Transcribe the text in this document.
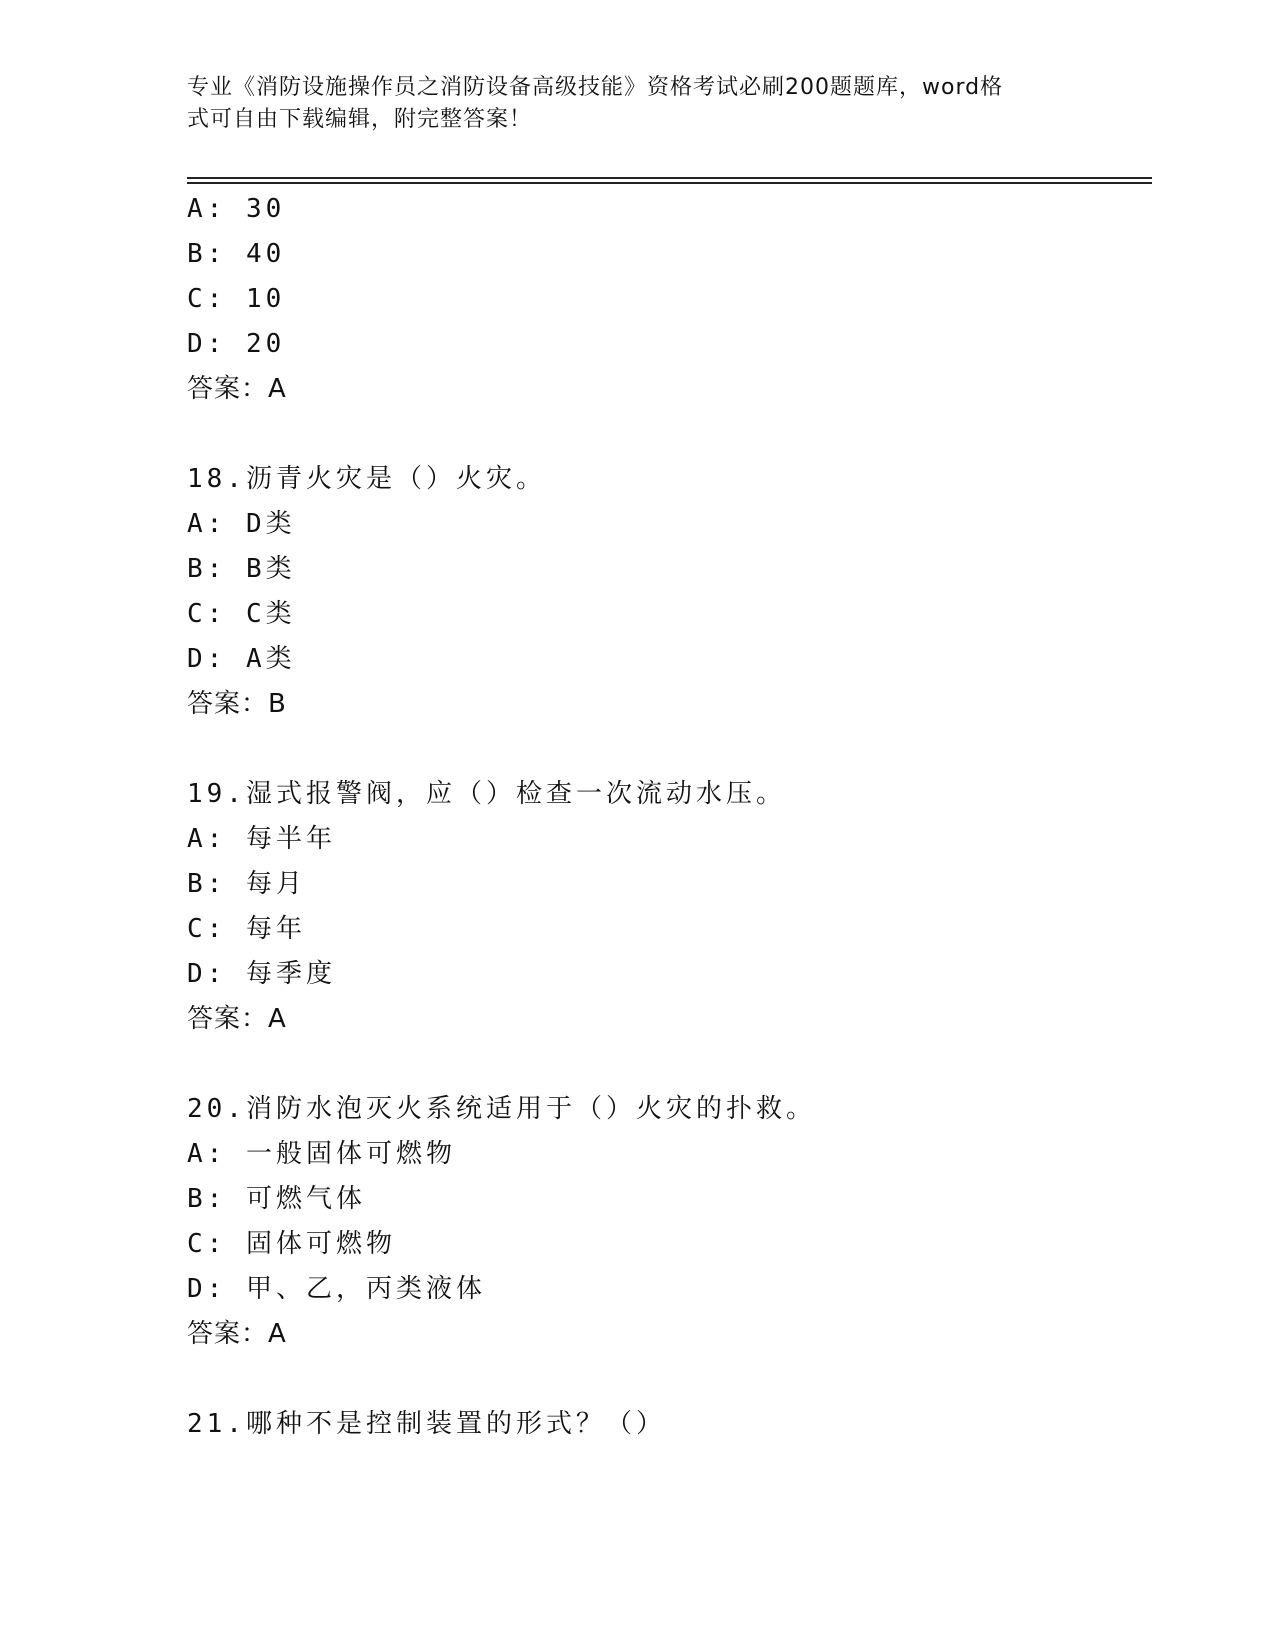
专业《消防设施操作员之消防设备高级技能》资格考试必刷200题题库，word格
式可自由下载编辑，附完整答案！
A: 30
B: 40
C: 10
D: 20
答案：A
18.沥青火灾是（）火灾。
A: D类
B: B类
C: C类
D: A类
答案：B
19.湿式报警阀，应（）检查一次流动水压。
A: 每半年
B: 每月
C: 每年
D: 每季度
答案：A
20.消防水泡灭火系统适用于（）火灾的扑救。
A: 一般固体可燃物
B: 可燃气体
C: 固体可燃物
D: 甲、乙，丙类液体
答案：A
21.哪种不是控制装置的形式？（）
